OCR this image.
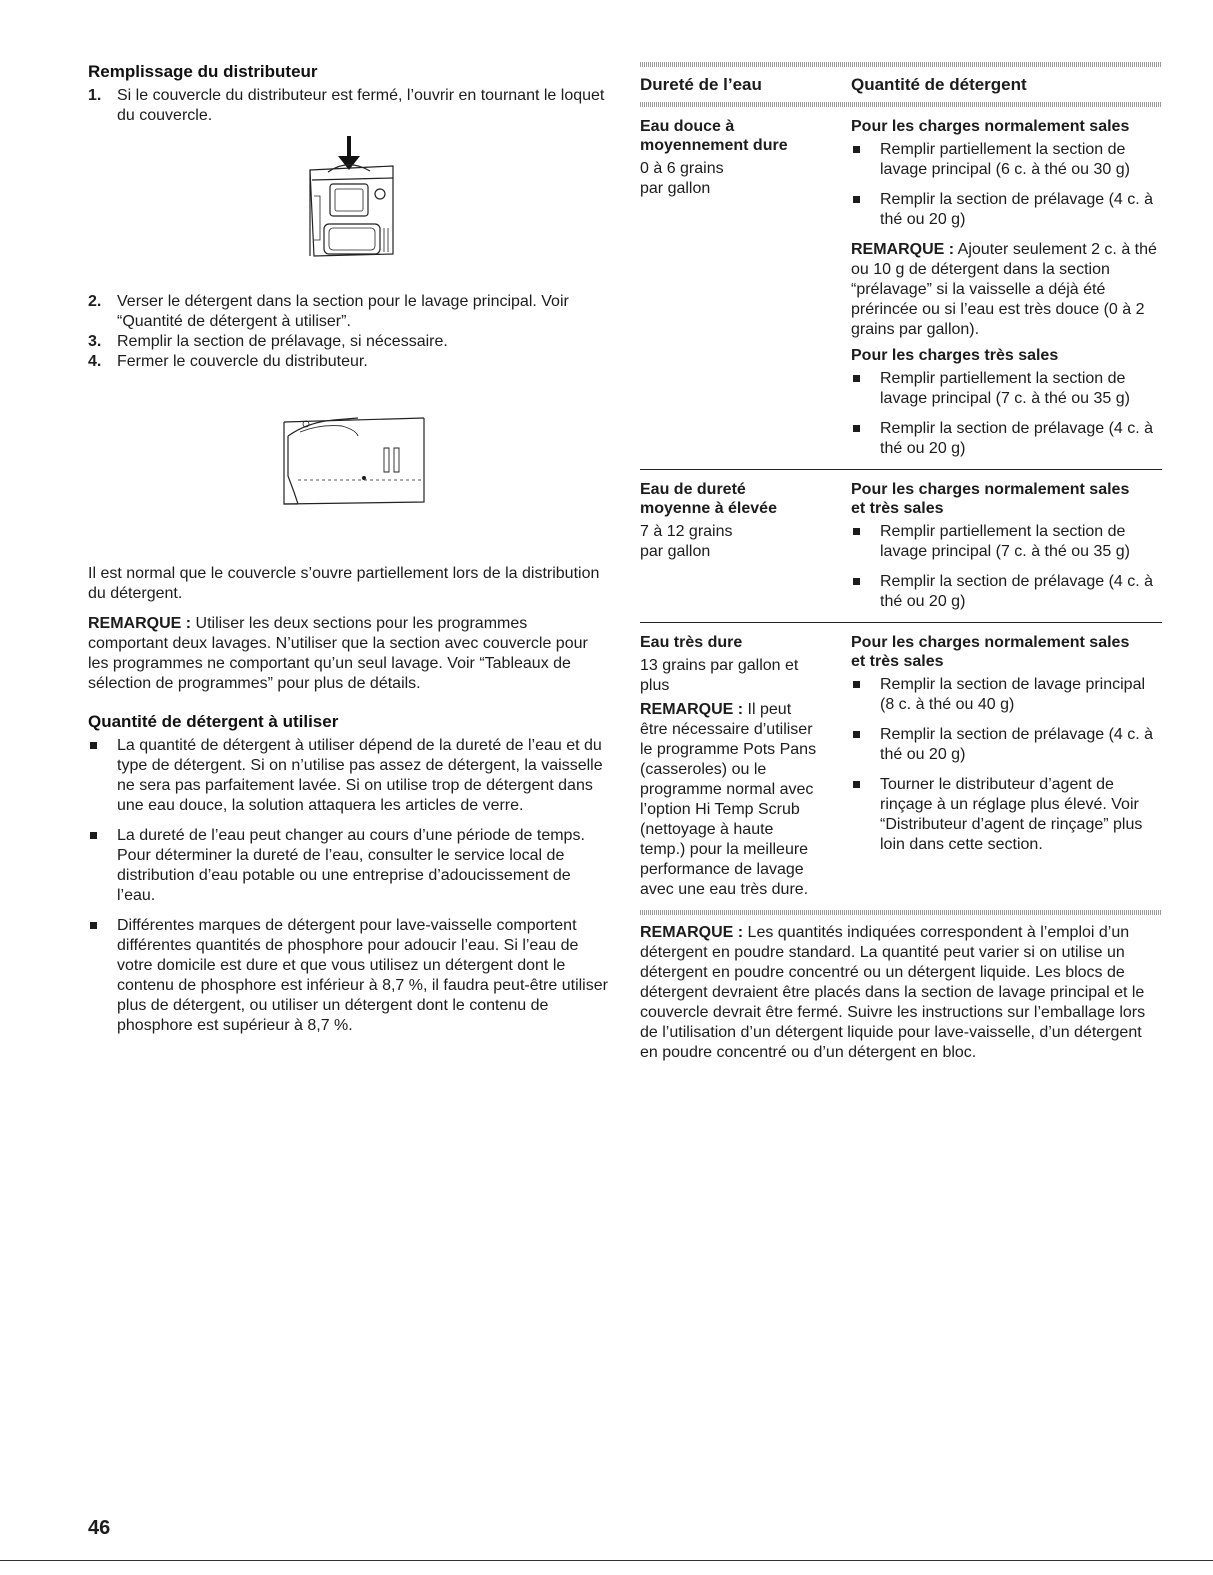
Remplissage du distributeur
1. Si le couvercle du distributeur est fermé, l’ouvrir en tournant le loquet du couvercle.
2. Verser le détergent dans la section pour le lavage principal. Voir “Quantité de détergent à utiliser”.
3. Remplir la section de prélavage, si nécessaire.
4. Fermer le couvercle du distributeur.

Il est normal que le couvercle s’ouvre partiellement lors de la distribution du détergent.

REMARQUE : Utiliser les deux sections pour les programmes comportant deux lavages. N’utiliser que la section avec couvercle pour les programmes ne comportant qu’un seul lavage. Voir “Tableaux de sélection de programmes” pour plus de détails.

Quantité de détergent à utiliser
La quantité de détergent à utiliser dépend de la dureté de l’eau et du type de détergent. Si on n’utilise pas assez de détergent, la vaisselle ne sera pas parfaitement lavée. Si on utilise trop de détergent dans une eau douce, la solution attaquera les articles de verre.
La dureté de l’eau peut changer au cours d’une période de temps. Pour déterminer la dureté de l’eau, consulter le service local de distribution d’eau potable ou une entreprise d’adoucissement de l’eau.
Différentes marques de détergent pour lave-vaisselle comportent différentes quantités de phosphore pour adoucir l’eau. Si l’eau de votre domicile est dure et que vous utilisez un détergent dont le contenu de phosphore est inférieur à 8,7 %, il faudra peut-être utiliser plus de détergent, ou utiliser un détergent dont le contenu de phosphore est supérieur à 8,7 %.
Dureté de l’eau	Quantité de détergent
Eau douce à moyennement dure
0 à 6 grains par gallon
Pour les charges normalement sales
Remplir partiellement la section de lavage principal (6 c. à thé ou 30 g)
Remplir la section de prélavage (4 c. à thé ou 20 g)

REMARQUE : Ajouter seulement 2 c. à thé ou 10 g de détergent dans la section “prélavage” si la vaisselle a déjà été prérincée ou si l’eau est très douce (0 à 2 grains par gallon).

Pour les charges très sales
Remplir partiellement la section de lavage principal (7 c. à thé ou 35 g)
Remplir la section de prélavage (4 c. à thé ou 20 g)
Eau de dureté moyenne à élevée
7 à 12 grains par gallon
Pour les charges normalement sales et très sales
Remplir partiellement la section de lavage principal (7 c. à thé ou 35 g)
Remplir la section de prélavage (4 c. à thé ou 20 g)
Eau très dure
13 grains par gallon et plus

REMARQUE : Il peut être nécessaire d’utiliser le programme Pots Pans (casseroles) ou le programme normal avec l’option Hi Temp Scrub (nettoyage à haute temp.) pour la meilleure performance de lavage avec une eau très dure.

Pour les charges normalement sales et très sales
Remplir la section de lavage principal (8 c. à thé ou 40 g)
Remplir la section de prélavage (4 c. à thé ou 20 g)
Tourner le distributeur d’agent de rinçage à un réglage plus élevé. Voir “Distributeur d’agent de rinçage” plus loin dans cette section.

REMARQUE : Les quantités indiquées correspondent à l’emploi d’un détergent en poudre standard. La quantité peut varier si on utilise un détergent en poudre concentré ou un détergent liquide. Les blocs de détergent devraient être placés dans la section de lavage principal et le couvercle devrait être fermé. Suivre les instructions sur l’emballage lors de l’utilisation d’un détergent liquide pour lave-vaisselle, d’un détergent en poudre concentré ou d’un détergent en bloc.

46
